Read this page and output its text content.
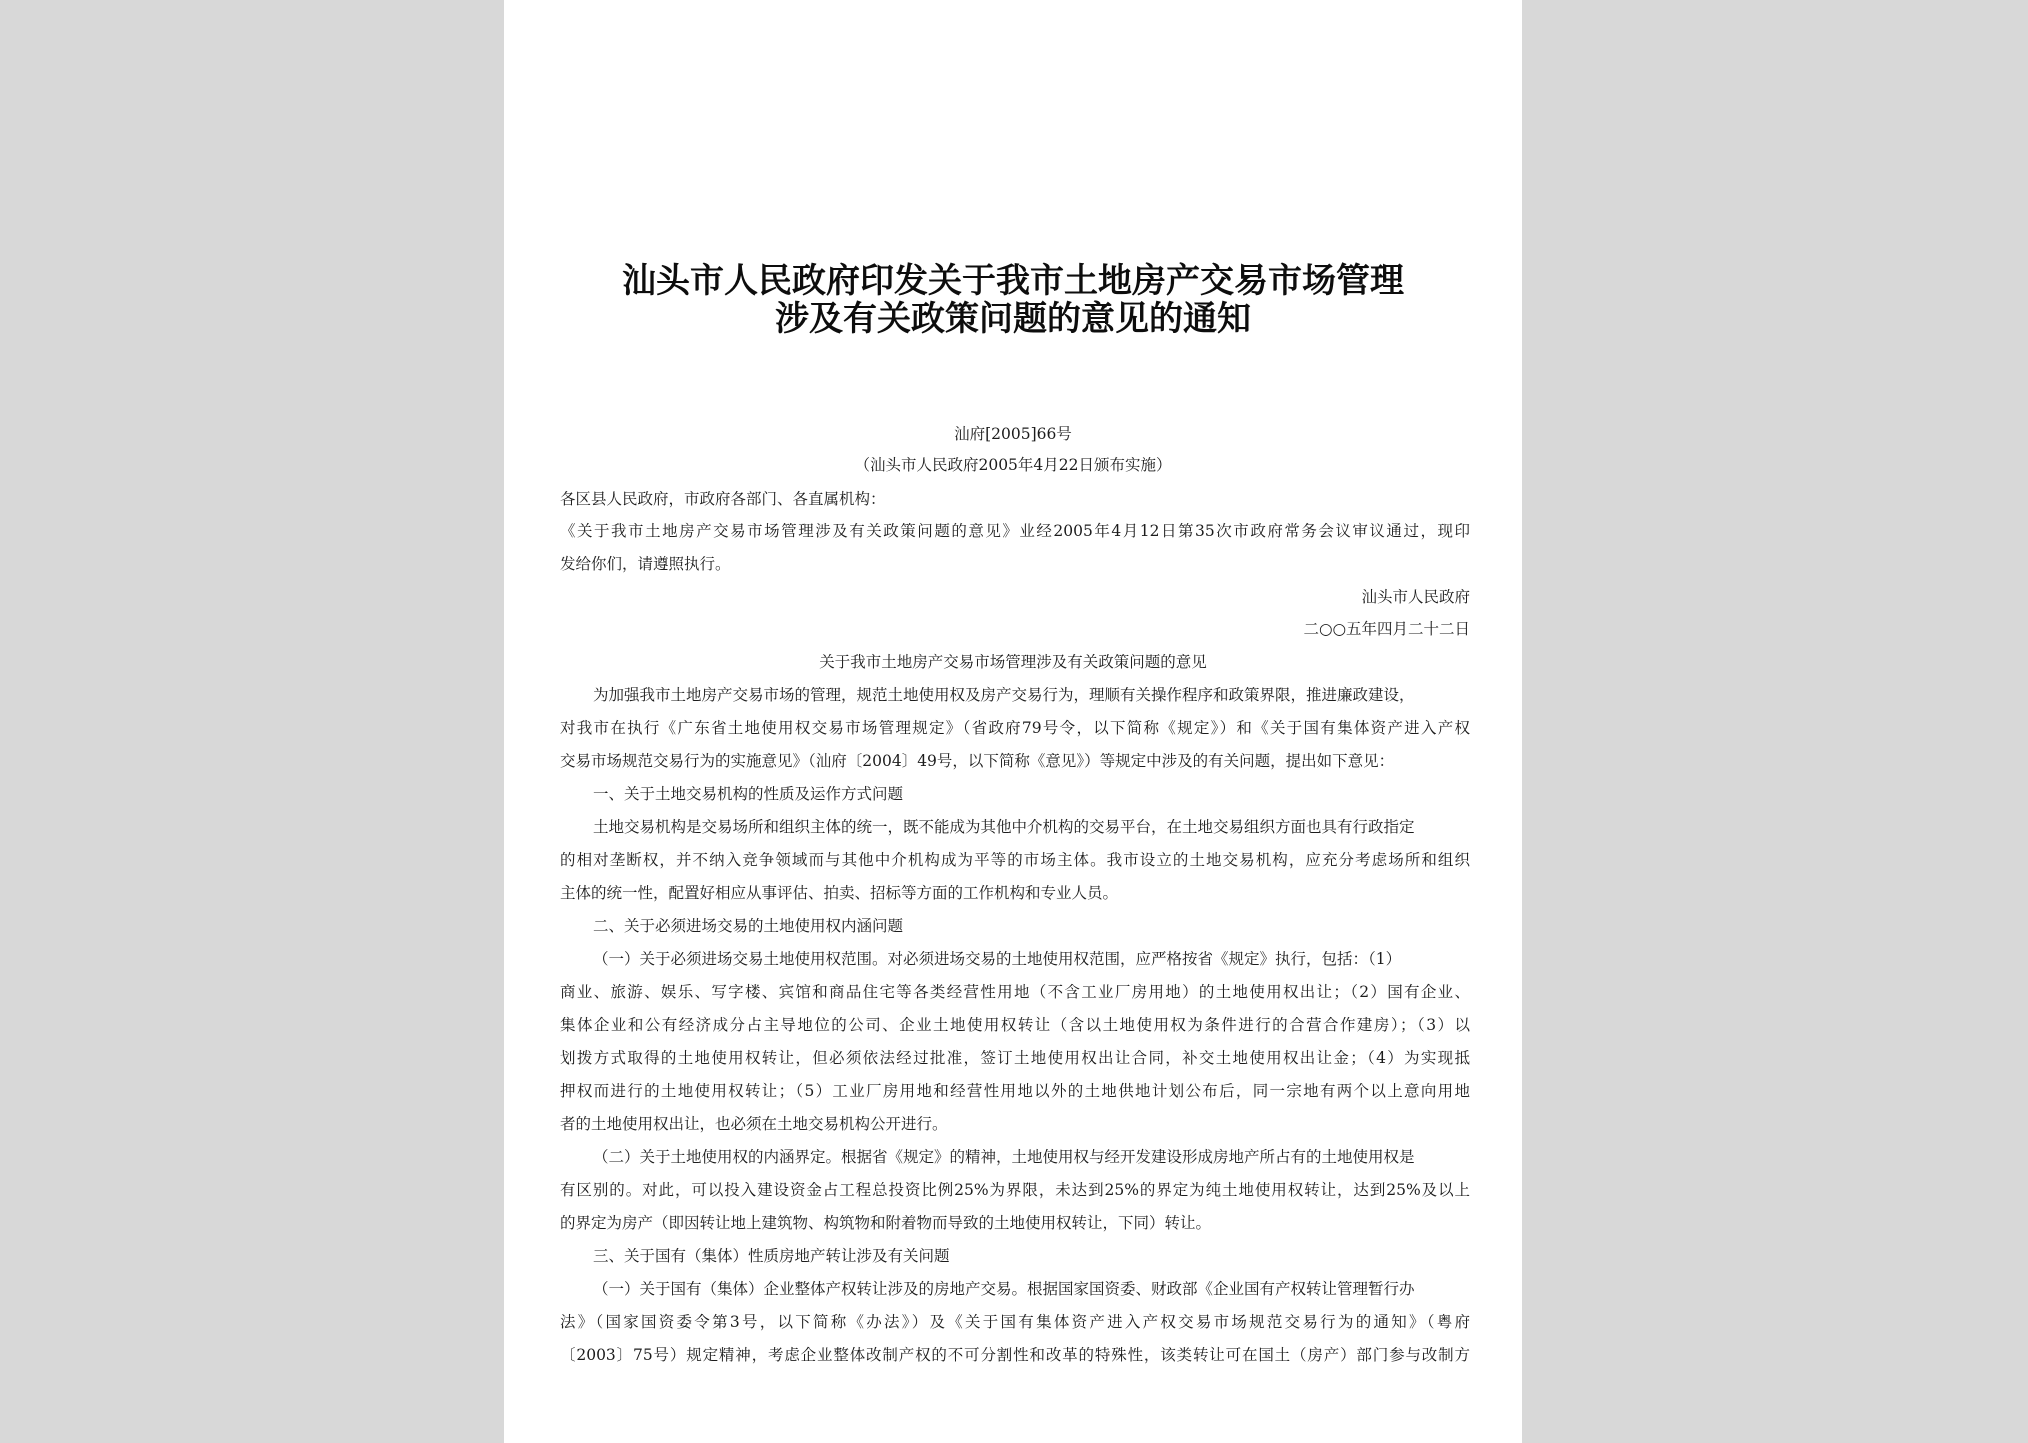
汕头市人民政府印发关于我市土地房产交易市场管理
涉及有关政策问题的意见的通知
汕府[2005]66号
（汕头市人民政府2005年4月22日颁布实施）
各区县人民政府，市政府各部门、各直属机构：
《关于我市土地房产交易市场管理涉及有关政策问题的意见》业经2005年4月12日第35次市政府常务会议审议通过，现印
发给你们，请遵照执行。
汕头市人民政府
二○○五年四月二十二日
关于我市土地房产交易市场管理涉及有关政策问题的意见
为加强我市土地房产交易市场的管理，规范土地使用权及房产交易行为，理顺有关操作程序和政策界限，推进廉政建设，
对我市在执行《广东省土地使用权交易市场管理规定》（省政府79号令，以下简称《规定》）和《关于国有集体资产进入产权
交易市场规范交易行为的实施意见》（汕府〔2004〕49号，以下简称《意见》）等规定中涉及的有关问题，提出如下意见：
一、关于土地交易机构的性质及运作方式问题
土地交易机构是交易场所和组织主体的统一，既不能成为其他中介机构的交易平台，在土地交易组织方面也具有行政指定
的相对垄断权，并不纳入竞争领域而与其他中介机构成为平等的市场主体。我市设立的土地交易机构，应充分考虑场所和组织
主体的统一性，配置好相应从事评估、拍卖、招标等方面的工作机构和专业人员。
二、关于必须进场交易的土地使用权内涵问题
（一）关于必须进场交易土地使用权范围。对必须进场交易的土地使用权范围，应严格按省《规定》执行，包括：（1）
商业、旅游、娱乐、写字楼、宾馆和商品住宅等各类经营性用地（不含工业厂房用地）的土地使用权出让；（2）国有企业、
集体企业和公有经济成分占主导地位的公司、企业土地使用权转让（含以土地使用权为条件进行的合营合作建房）；（3）以
划拨方式取得的土地使用权转让，但必须依法经过批准，签订土地使用权出让合同，补交土地使用权出让金；（4）为实现抵
押权而进行的土地使用权转让；（5）工业厂房用地和经营性用地以外的土地供地计划公布后，同一宗地有两个以上意向用地
者的土地使用权出让，也必须在土地交易机构公开进行。
（二）关于土地使用权的内涵界定。根据省《规定》的精神，土地使用权与经开发建设形成房地产所占有的土地使用权是
有区别的。对此，可以投入建设资金占工程总投资比例25%为界限，未达到25%的界定为纯土地使用权转让，达到25%及以上
的界定为房产（即因转让地上建筑物、构筑物和附着物而导致的土地使用权转让，下同）转让。
三、关于国有（集体）性质房地产转让涉及有关问题
（一）关于国有（集体）企业整体产权转让涉及的房地产交易。根据国家国资委、财政部《企业国有产权转让管理暂行办
法》（国家国资委令第3号，以下简称《办法》）及《关于国有集体资产进入产权交易市场规范交易行为的通知》（粤府
〔2003〕75号）规定精神，考虑企业整体改制产权的不可分割性和改革的特殊性，该类转让可在国土（房产）部门参与改制方
